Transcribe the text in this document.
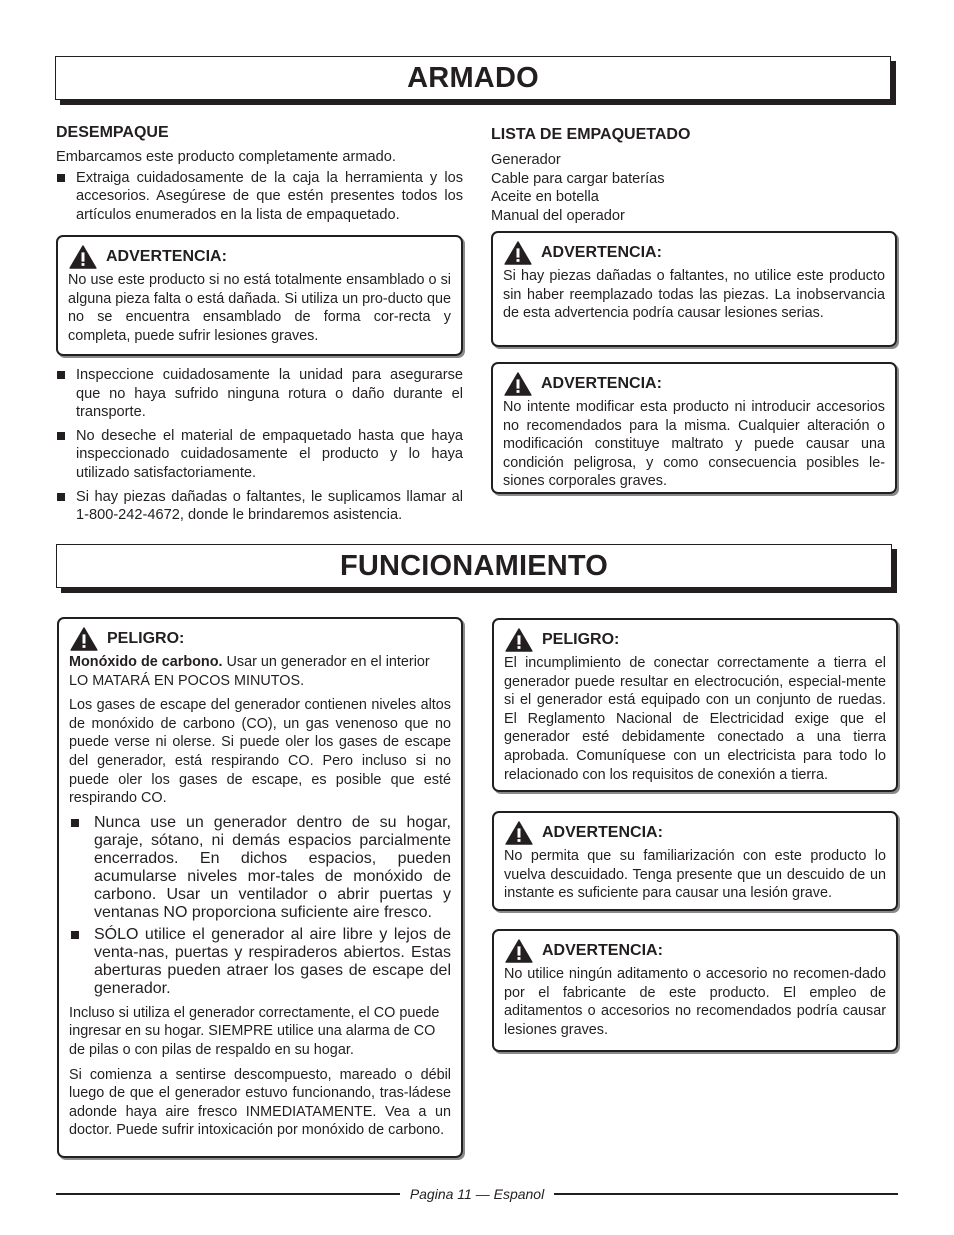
ARMADO
DESEMPAQUE

Embarcamos este producto completamente armado.

Extraiga cuidadosamente de la caja la herramienta y los accesorios. Asegúrese de que estén presentes todos los artículos enumerados en la lista de empaquetado.
ADVERTENCIA:

No use este producto si no está totalmente ensamblado o si alguna pieza falta o está dañada. Si utiliza un pro-ducto que no se encuentra ensamblado de forma cor-recta y completa, puede sufrir lesiones graves.

Inspeccione cuidadosamente la unidad para asegurarse que no haya sufrido ninguna rotura o daño durante el transporte.
No deseche el material de empaquetado hasta que haya inspeccionado cuidadosamente el producto y lo haya utilizado satisfactoriamente.
Si hay piezas dañadas o faltantes, le suplicamos llamar al 1-800-242-4672, donde le brindaremos asistencia.
LISTA DE EMPAQUETADO
Generador
Cable para cargar baterías
Aceite en botella
Manual del operador
ADVERTENCIA:

Si hay piezas dañadas o faltantes, no utilice este producto sin haber reemplazado todas las piezas. La inobservancia de esta advertencia podría causar lesiones serias.

ADVERTENCIA:

No intente modificar esta producto ni introducir accesorios no recomendados para la misma. Cualquier alteración o modificación constituye maltrato y puede causar una condición peligrosa, y como consecuencia posibles le-siones corporales graves.

FUNCIONAMIENTO
PELIGRO:

Monóxido de carbono. Usar un generador en el interior LO MATARÁ EN POCOS MINUTOS.

Los gases de escape del generador contienen niveles altos de monóxido de carbono (CO), un gas venenoso que no puede verse ni olerse. Si puede oler los gases de escape del generador, está respirando CO. Pero incluso si no puede oler los gases de escape, es posible que esté respirando CO.

Nunca use un generador dentro de su hogar, garaje, sótano, ni demás espacios parcialmente encerrados. En dichos espacios, pueden acumularse niveles mor-tales de monóxido de carbono. Usar un ventilador o abrir puertas y ventanas NO proporciona suficiente aire fresco.
SÓLO utilice el generador al aire libre y lejos de venta-nas, puertas y respiraderos abiertos. Estas aberturas pueden atraer los gases de escape del generador.

Incluso si utiliza el generador correctamente, el CO puede ingresar en su hogar. SIEMPRE utilice una alarma de CO de pilas o con pilas de respaldo en su hogar.

Si comienza a sentirse descompuesto, mareado o débil luego de que el generador estuvo funcionando, tras-ládese adonde haya aire fresco INMEDIATAMENTE. Vea a un doctor. Puede sufrir intoxicación por monóxido de carbono.

PELIGRO:

El incumplimiento de conectar correctamente a tierra el generador puede resultar en electrocución, especial-mente si el generador está equipado con un conjunto de ruedas. El Reglamento Nacional de Electricidad exige que el generador esté debidamente conectado a una tierra aprobada. Comuníquese con un electricista para todo lo relacionado con los requisitos de conexión a tierra.

ADVERTENCIA:

No permita que su familiarización con este producto lo vuelva descuidado. Tenga presente que un descuido de un instante es suficiente para causar una lesión grave.

ADVERTENCIA:

No utilice ningún aditamento o accesorio no recomen-dado por el fabricante de este producto. El empleo de aditamentos o accesorios no recomendados podría causar lesiones graves.

Pagina 11 — Espanol
